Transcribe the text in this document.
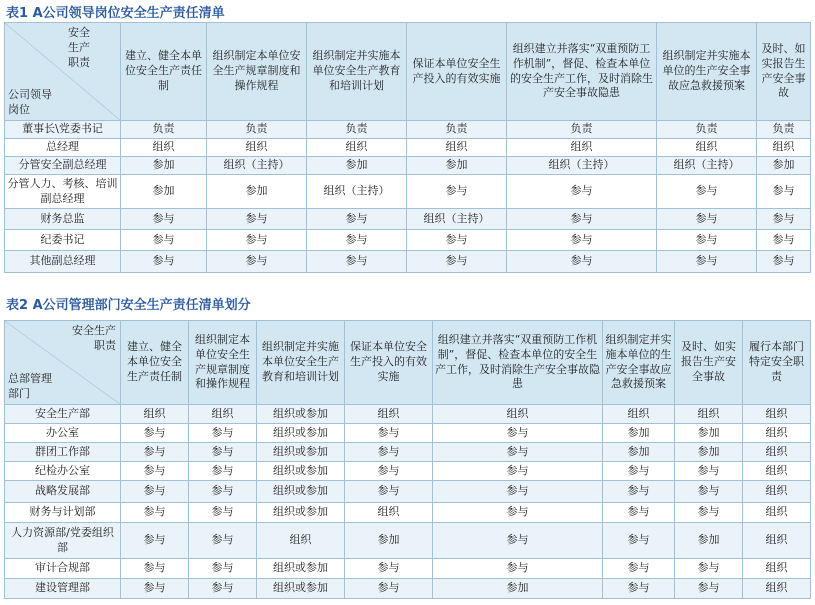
表1 A公司领导岗位安全生产责任清单
安全
生产
职责
公司领导
岗位	建立、健全本单位安全生产责任制	组织制定本单位安全生产规章制度和操作规程	组织制定并实施本单位安全生产教育和培训计划	保证本单位安全生产投入的有效实施	组织建立并落实“双重预防工作机制”，督促、检查本单位的安全生产工作，及时消除生产安全事故隐患	组织制定并实施本单位的生产安全事故应急救援预案	及时、如实报告生产安全事故
董事长\党委书记	负责	负责	负责	负责	负责	负责	负责
总经理	组织	组织	组织	组织	组织	组织	组织
分管安全副总经理	参加	组织（主持）	参加	参加	组织（主持）	组织（主持）	参加
分管人力、考核、培训副总经理	参加	参加	组织（主持）	参与	参与	参与	参与
财务总监	参与	参与	参与	组织（主持）	参与	参与	参与
纪委书记	参与	参与	参与	参与	参与	参与	参与
其他副总经理	参与	参与	参与	参与	参与	参与	参与
表2 A公司管理部门安全生产责任清单划分
安全生产
职责
总部管理
部门	建立、健全本单位安全生产责任制	组织制定本单位安全生产规章制度和操作规程	组织制定并实施本单位安全生产教育和培训计划	保证本单位安全生产投入的有效实施	组织建立并落实“双重预防工作机制”，督促、检查本单位的安全生产工作，及时消除生产安全事故隐患	组织制定并实施本单位的生产安全事故应急救援预案	及时、如实报告生产安全事故	履行本部门特定安全职责
安全生产部	组织	组织	组织或参加	组织	组织	组织	组织	组织
办公室	参与	参与	组织或参加	参与	参与	参加	参加	组织
群团工作部	参与	参与	组织或参加	参与	参与	参加	参加	组织
纪检办公室	参与	参与	组织或参加	参与	参与	参与	参与	组织
战略发展部	参与	参与	组织或参加	参与	参与	参与	参与	组织
财务与计划部	参与	参与	组织或参加	组织	参与	参与	参与	组织
人力资源部/党委组织部	参与	参与	组织	参加	参与	参与	参加	组织
审计合规部	参与	参与	组织或参加	参与	参与	参与	参与	组织
建设管理部	参与	参与	组织或参加	参与	参加	参与	参与	组织
